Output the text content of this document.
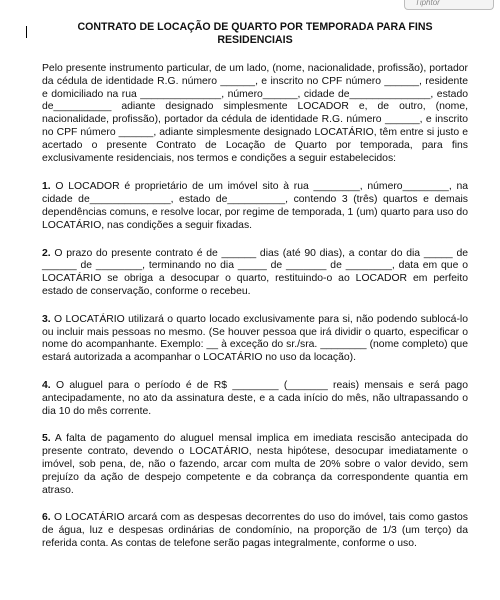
Tiphtor
CONTRATO DE LOCAÇÃO DE QUARTO POR TEMPORADA PARA FINS RESIDENCIAIS
Pelo presente instrumento particular, de um lado, (nome, nacionalidade, profissão), portador da cédula de identidade R.G. número ______, e inscrito no CPF número ______, residente e domiciliado na rua ______________, número______, cidade de______________, estado de__________ adiante designado simplesmente LOCADOR e, de outro, (nome, nacionalidade, profissão), portador da cédula de identidade R.G. número ______, e inscrito no CPF número ______, adiante simplesmente designado LOCATÁRIO, têm entre si justo e acertado o presente Contrato de Locação de Quarto por temporada, para fins exclusivamente residenciais, nos termos e condições a seguir estabelecidos:
1. O LOCADOR é proprietário de um imóvel sito à rua ________, número________, na cidade de______________, estado de__________, contendo 3 (três) quartos e demais dependências comuns, e resolve locar, por regime de temporada, 1 (um) quarto para uso do LOCATÁRIO, nas condições a seguir fixadas.
2. O prazo do presente contrato é de ______ dias (até 90 dias), a contar do dia _____ de ______ de ________, terminando no dia _____ de _______ de ________, data em que o LOCATÁRIO se obriga a desocupar o quarto, restituindo-o ao LOCADOR em perfeito estado de conservação, conforme o recebeu.
3. O LOCATÁRIO utilizará o quarto locado exclusivamente para si, não podendo sublocá-lo ou incluir mais pessoas no mesmo. (Se houver pessoa que irá dividir o quarto, especificar o nome do acompanhante. Exemplo: __ à exceção do sr./sra. ________ (nome completo) que estará autorizada a acompanhar o LOCATÁRIO no uso da locação).
4. O aluguel para o período é de R$ ________ (_______ reais) mensais e será pago antecipadamente, no ato da assinatura deste, e a cada início do mês, não ultrapassando o dia 10 do mês corrente.
5. A falta de pagamento do aluguel mensal implica em imediata rescisão antecipada do presente contrato, devendo o LOCATÁRIO, nesta hipótese, desocupar imediatamente o imóvel, sob pena, de, não o fazendo, arcar com multa de 20% sobre o valor devido, sem prejuízo da ação de despejo competente e da cobrança da correspondente quantia em atraso.
6. O LOCATÁRIO arcará com as despesas decorrentes do uso do imóvel, tais como gastos de água, luz e despesas ordinárias de condomínio, na proporção de 1/3 (um terço) da referida conta. As contas de telefone serão pagas integralmente, conforme o uso.
